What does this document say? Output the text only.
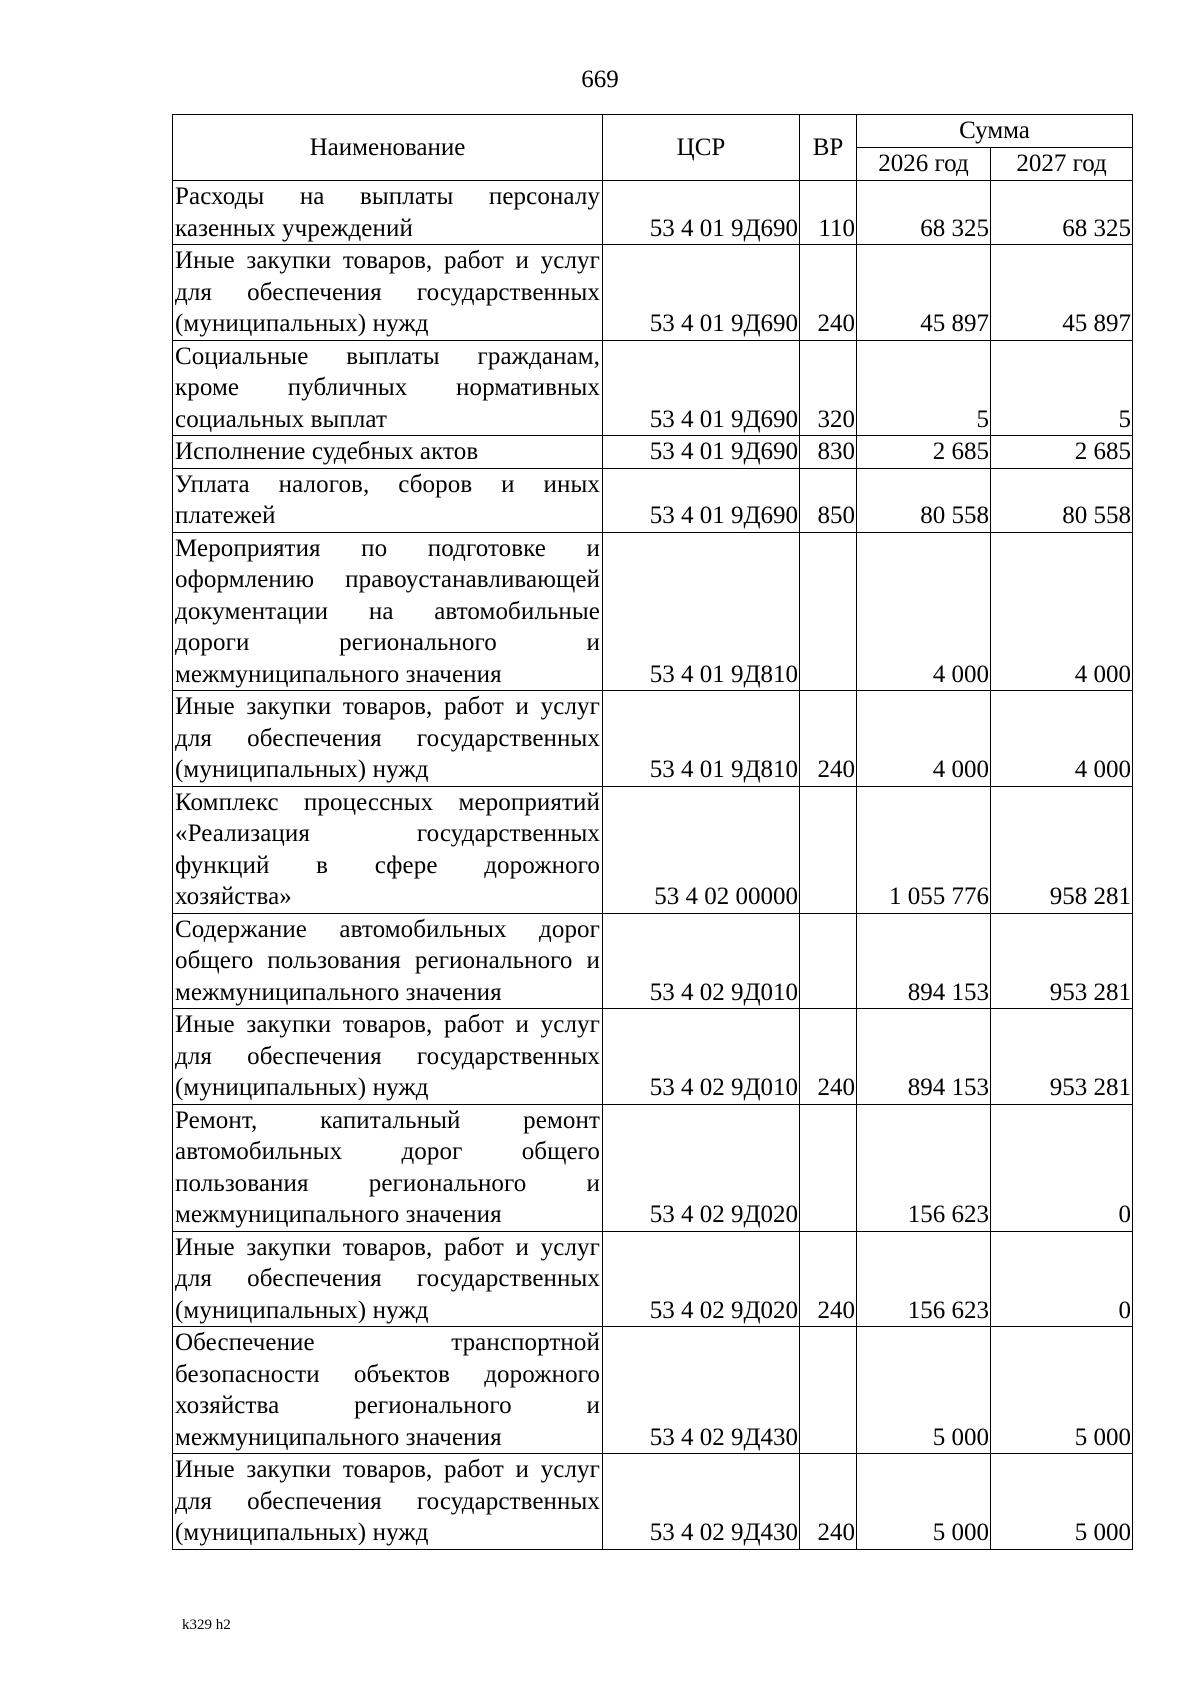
669
Наименование	ЦСР	ВР	Сумма	
			2026 год	2027 год
Расходы на выплаты персоналу казенных учреждений	53 4 01 9Д690	110	68 325	68 325
Иные закупки товаров, работ и услуг для обеспечения государственных (муниципальных) нужд	53 4 01 9Д690	240	45 897	45 897
Социальные выплаты гражданам, кроме публичных нормативных социальных выплат	53 4 01 9Д690	320	5	5
Исполнение судебных актов	53 4 01 9Д690	830	2 685	2 685
Уплата налогов, сборов и иных платежей	53 4 01 9Д690	850	80 558	80 558
Мероприятия по подготовке и оформлению правоустанавливающей документации на автомобильные дороги регионального и межмуниципального значения	53 4 01 9Д810		4 000	4 000
Иные закупки товаров, работ и услуг для обеспечения государственных (муниципальных) нужд	53 4 01 9Д810	240	4 000	4 000
Комплекс процессных мероприятий «Реализация государственных функций в сфере дорожного хозяйства»	53 4 02 00000		1 055 776	958 281
Содержание автомобильных дорог общего пользования регионального и межмуниципального значения	53 4 02 9Д010		894 153	953 281
Иные закупки товаров, работ и услуг для обеспечения государственных (муниципальных) нужд	53 4 02 9Д010	240	894 153	953 281
Ремонт, капитальный ремонт автомобильных дорог общего пользования регионального и межмуниципального значения	53 4 02 9Д020		156 623	0
Иные закупки товаров, работ и услуг для обеспечения государственных (муниципальных) нужд	53 4 02 9Д020	240	156 623	0
Обеспечение транспортной безопасности объектов дорожного хозяйства регионального и межмуниципального значения	53 4 02 9Д430		5 000	5 000
Иные закупки товаров, работ и услуг для обеспечения государственных (муниципальных) нужд	53 4 02 9Д430	240	5 000	5 000
k329 h2
